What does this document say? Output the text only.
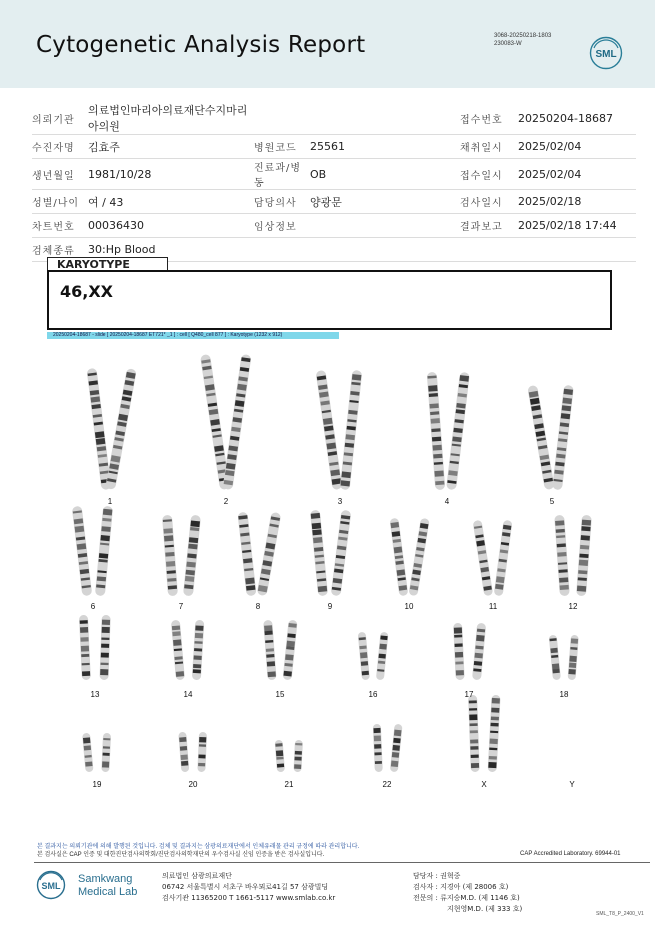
Cytogenetic Analysis Report	3068-20250218-1803
230083-W
SML
의뢰기관	의료법인마리아의료재단수지마리아의원			접수번호	20250204-18687
수진자명	김효주	병원코드	25561	채취일시	2025/02/04
생년월일	1981/10/28	진료과/병동	OB	접수일시	2025/02/04
성별/나이	여 / 43	담당의사	양광문	검사일시	2025/02/18
차트번호	00036430	임상정보		결과보고	2025/02/18 17:44
검체종류	30:Hp Blood				
KARYOTYPE
46,XX
20250204-18687 - slide [ 20250204-18687 ET721* _1 ] : cell [ Q480_cell 877 ] : Karyotype (1232 x 912)
1	2	3	4	5
6	7	8	9	10	11	12
13	14	15	16	17	18
19	20	21	22	X	Y
본 결과지는 의뢰기관에 의해 발행된 것입니다. 검체 및 결과지는 삼광의료재단에서 인체유래물 관리 규정에 따라 관리합니다.
본 검사실은 CAP 인증 및 대한진단검사의학회/진단검사의학재단의 우수검사실 신임 인증을 받은 검사실입니다.	CAP Accredited Laboratory. 69944-01
SML
Samkwang
Medical Lab
의료법인 삼광의료재단
06742 서울특별시 서초구 바우뫼로41길 57 삼광빌딩
검사기관 11365200 T 1661-5117 www.smlab.co.kr
담당자 : 권혁중
검사자 : 지경아 (제 28006 호)
전문의 : 류지승M.D. (제 1146 호)
지현영M.D. (제 333 호)
SML_T8_P_2400_V1
